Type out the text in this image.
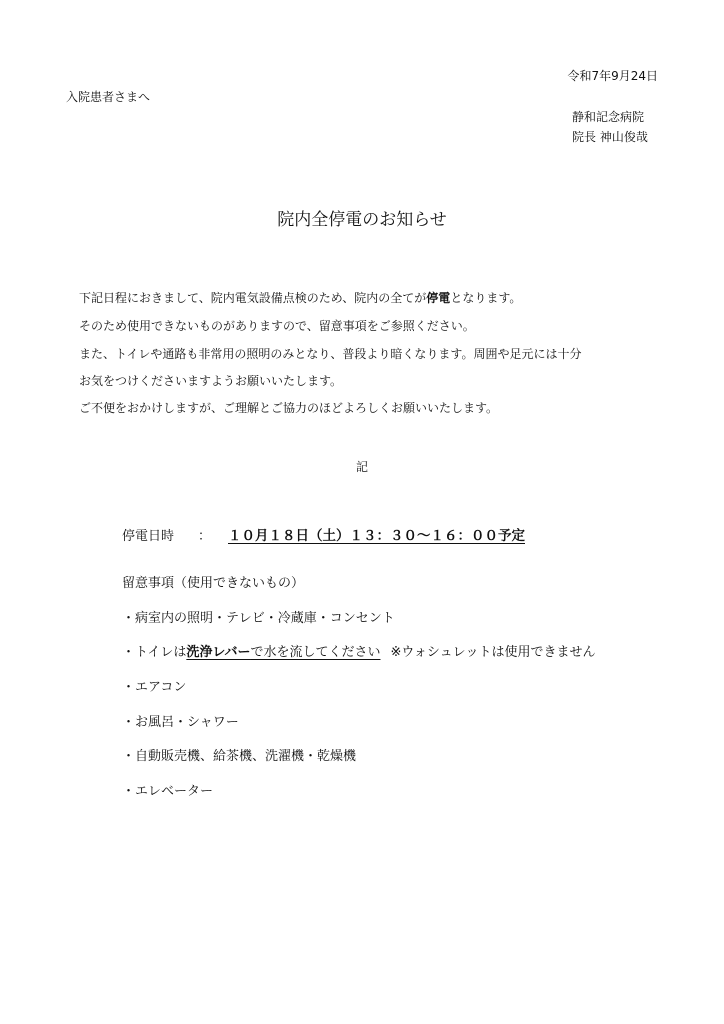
令和7年9月24日
入院患者さまへ
静和記念病院
院長 神山俊哉
院内全停電のお知らせ
下記日程におきまして、院内電気設備点検のため、院内の全てが停電となります。
そのため使用できないものがありますので、留意事項をご参照ください。
また、トイレや通路も非常用の照明のみとなり、普段より暗くなります。周囲や足元には十分
お気をつけくださいますようお願いいたします。
ご不便をおかけしますが、ご理解とご協力のほどよろしくお願いいたします。
記
停電日時 ： １０月１８日（土）１３：３０～１６：００予定
留意事項（使用できないもの）
・病室内の照明・テレビ・冷蔵庫・コンセント
・トイレは洗浄レバーで水を流してください ※ウォシュレットは使用できません
・エアコン
・お風呂・シャワー
・自動販売機、給茶機、洗濯機・乾燥機
・エレベーター
